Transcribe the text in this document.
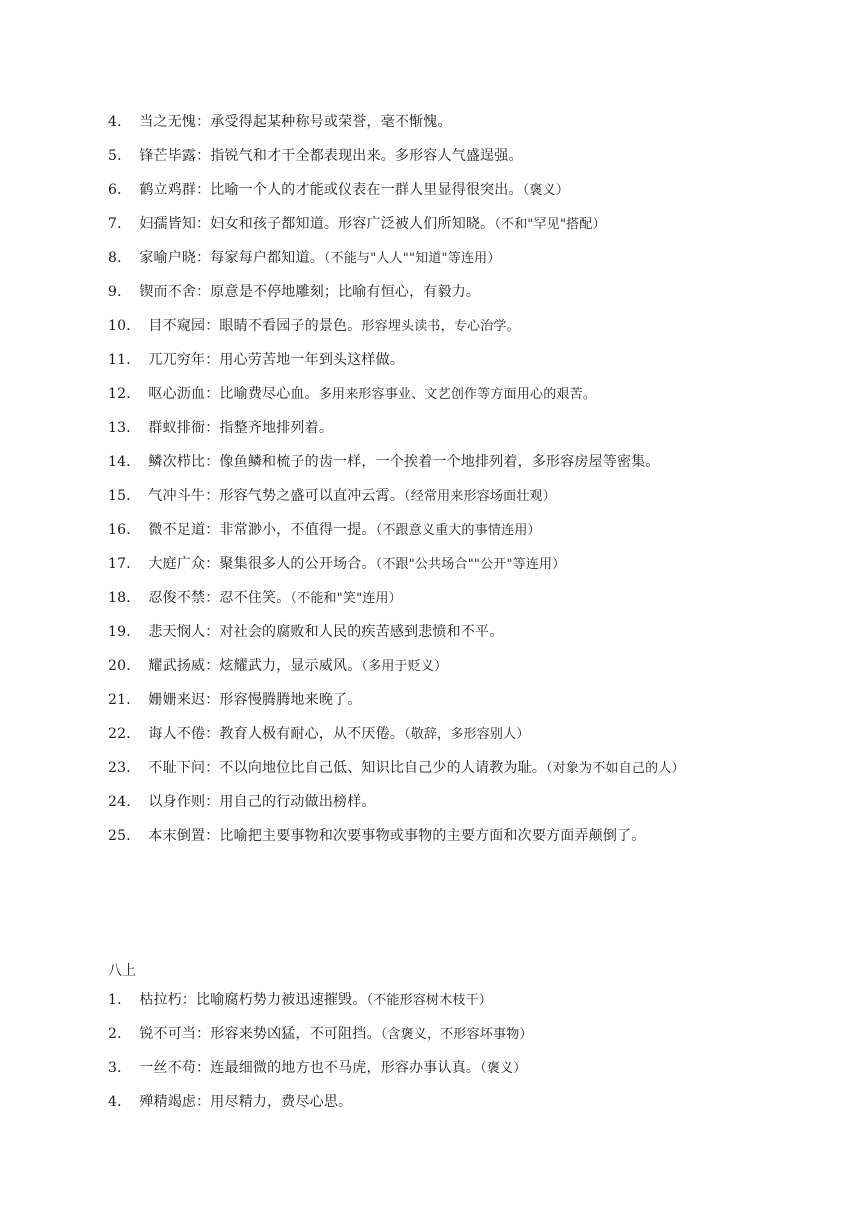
4． 当之无愧：承受得起某种称号或荣誉，毫不惭愧。
5． 锋芒毕露：指锐气和才干全都表现出来。多形容人气盛逞强。
6． 鹤立鸡群：比喻一个人的才能或仪表在一群人里显得很突出。（褒义）
7． 妇孺皆知：妇女和孩子都知道。形容广泛被人们所知晓。（不和"罕见"搭配）
8． 家喻户晓：每家每户都知道。（不能与"人人""知道"等连用）
9． 锲而不舍：原意是不停地雕刻；比喻有恒心，有毅力。
10． 目不窥园：眼睛不看园子的景色。形容埋头读书，专心治学。
11． 兀兀穷年：用心劳苦地一年到头这样做。
12． 呕心沥血：比喻费尽心血。多用来形容事业、文艺创作等方面用心的艰苦。
13． 群蚁排衙：指整齐地排列着。
14． 鳞次栉比：像鱼鳞和梳子的齿一样，一个挨着一个地排列着，多形容房屋等密集。
15． 气冲斗牛：形容气势之盛可以直冲云霄。（经常用来形容场面壮观）
16． 微不足道：非常渺小，不值得一提。（不跟意义重大的事情连用）
17． 大庭广众：聚集很多人的公开场合。（不跟"公共场合""公开"等连用）
18． 忍俊不禁：忍不住笑。（不能和"笑"连用）
19． 悲天悯人：对社会的腐败和人民的疾苦感到悲愤和不平。
20． 耀武扬威：炫耀武力，显示威风。（多用于贬义）
21． 姗姗来迟：形容慢腾腾地来晚了。
22． 诲人不倦：教育人极有耐心，从不厌倦。（敬辞，多形容别人）
23． 不耻下问：不以向地位比自己低、知识比自己少的人请教为耻。（对象为不如自己的人）
24． 以身作则：用自己的行动做出榜样。
25． 本末倒置：比喻把主要事物和次要事物或事物的主要方面和次要方面弄颠倒了。
八上
1． 枯拉朽：比喻腐朽势力被迅速摧毁。（不能形容树木枝干）
2． 锐不可当：形容来势凶猛，不可阻挡。（含褒义，不形容坏事物）
3． 一丝不苟：连最细微的地方也不马虎，形容办事认真。（褒义）
4． 殚精竭虑：用尽精力，费尽心思。
